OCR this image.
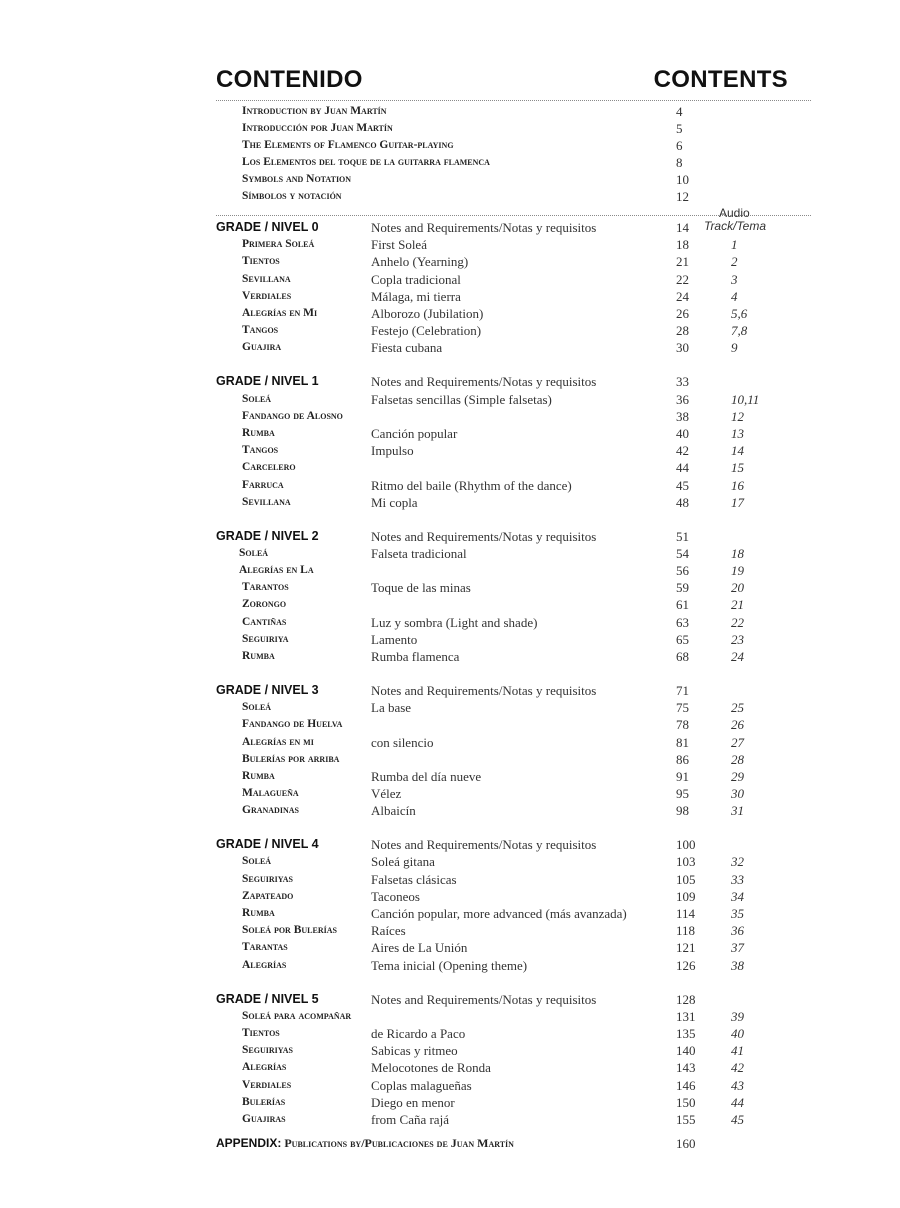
CONTENIDO	CONTENTS
Audio
Track/Tema
Introduction by Juan Martín	4
Introducción por Juan Martín	5
The Elements of Flamenco Guitar-playing	6
Los Elementos del toque de la guitarra flamenca	8
Symbols and Notation	10
Símbolos y notación	12
GRADE / NIVEL 0	Notes and Requirements/Notas y requisitos	14
Primera Soleá	First Soleá	18	1
Tientos	Anhelo (Yearning)	21	2
Sevillana	Copla tradicional	22	3
Verdiales	Málaga, mi tierra	24	4
Alegrías en Mi	Alborozo (Jubilation)	26	5,6
Tangos	Festejo (Celebration)	28	7,8
Guajira	Fiesta cubana	30	9
GRADE / NIVEL 1	Notes and Requirements/Notas y requisitos	33
Soleá	Falsetas sencillas (Simple falsetas)	36	10,11
Fandango de Alosno	38	12
Rumba	Canción popular	40	13
Tangos	Impulso	42	14
Carcelero	44	15
Farruca	Ritmo del baile (Rhythm of the dance)	45	16
Sevillana	Mi copla	48	17
GRADE / NIVEL 2	Notes and Requirements/Notas y requisitos	51
Soleá	Falseta tradicional	54	18
Alegrías en La	56	19
Tarantos	Toque de las minas	59	20
Zorongo	61	21
Cantiñas	Luz y sombra (Light and shade)	63	22
Seguiriya	Lamento	65	23
Rumba	Rumba flamenca	68	24
GRADE / NIVEL 3	Notes and Requirements/Notas y requisitos	71
Soleá	La base	75	25
Fandango de Huelva	78	26
Alegrías en mi	con silencio	81	27
Bulerías por arriba	86	28
Rumba	Rumba del día nueve	91	29
Malagueña	Vélez	95	30
Granadinas	Albaicín	98	31
GRADE / NIVEL 4	Notes and Requirements/Notas y requisitos	100
Soleá	Soleá gitana	103	32
Seguiriyas	Falsetas clásicas	105	33
Zapateado	Taconeos	109	34
Rumba	Canción popular, more advanced (más avanzada)	114	35
Soleá por Bulerías	Raíces	118	36
Tarantas	Aires de La Unión	121	37
Alegrías	Tema inicial (Opening theme)	126	38
GRADE / NIVEL 5	Notes and Requirements/Notas y requisitos	128
Soleá para acompañar	131	39
Tientos	de Ricardo a Paco	135	40
Seguiriyas	Sabicas y ritmeo	140	41
Alegrías	Melocotones de Ronda	143	42
Verdiales	Coplas malagueñas	146	43
Bulerías	Diego en menor	150	44
Guajiras	from Caña rajá	155	45
APPENDIX: Publications by/Publicaciones de Juan Martín	160
